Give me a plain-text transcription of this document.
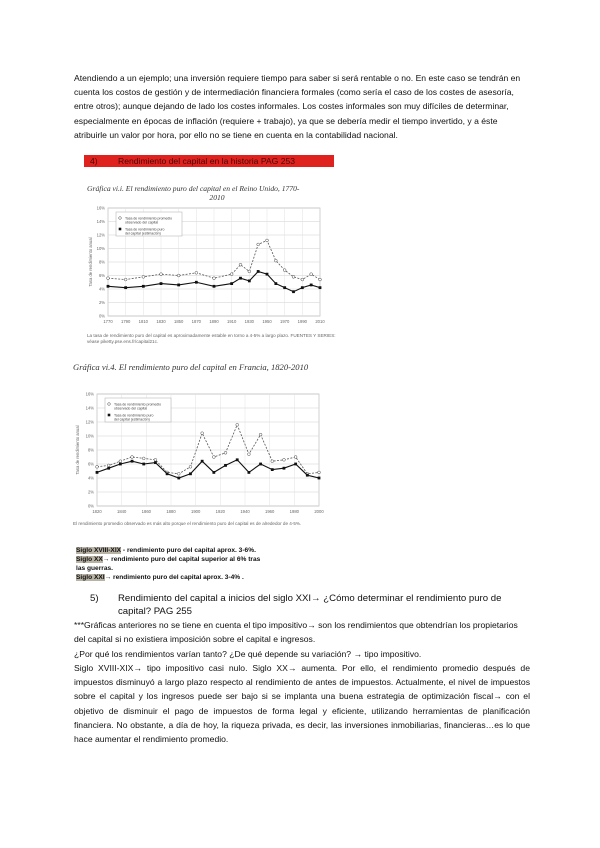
Atendiendo a un ejemplo; una inversión requiere tiempo para saber si será rentable o no. En este caso se tendrán en cuenta los costos de gestión y de intermediación financiera formales (como sería el caso de los costes de asesoría, entre otros); aunque dejando de lado los costes informales. Los costes informales son muy difíciles de determinar, especialmente en épocas de inflación (requiere + trabajo), ya que se debería medir el tiempo invertido, y a éste atribuirle un valor por hora, por ello no se tiene en cuenta en la contabilidad nacional.
4) Rendimiento del capital en la historia PAG 253
Gráfica vi.i. El rendimiento puro del capital en el Reino Unido, 1770-
2010
0%
2%
4%
6%
8%
10%
12%
14%
16%
1770 1790 1810 1830 1850 1870 1890 1910 1930 1950 1970 1990 2010
Tasa de rendimiento anual
Tasa de rendimiento promedio
observado del capital
Tasa de rendimiento puro
del capital (estimación)
La tasa de rendimiento puro del capital es aproximadamente estable en torno a 4-5% a largo plazo. FUENTES Y SERIES: véase piketty.pse.ens.fr/capital21c.
Gráfica vi.4. El rendimiento puro del capital en Francia, 1820-2010
0%
2%
4%
6%
8%
10%
12%
14%
16%
1820	1840	1860	1880	1900	1920	1940	1960	1980	2000
Tasa de rendimiento anual
Tasa de rendimiento promedio
observado del capital
Tasa de rendimiento puro
del capital (estimación)
El rendimiento promedio observado es más alto porque el rendimiento puro del capital es de alrededor de 4-5%.
Siglo XVIII-XIX - rendimiento puro del capital aprox. 3-6%.
Siglo XX→ rendimiento puro del capital superior al 6% tras
las guerras.
Siglo XXI→ rendimiento puro del capital aprox. 3-4% .
5) Rendimiento del capital a inicios del siglo XXI→ ¿Cómo determinar el rendimiento puro de capital? PAG 255
***Gráficas anteriores no se tiene en cuenta el tipo impositivo→ son los rendimientos que obtendrían los propietarios del capital si no existiera imposición sobre el capital e ingresos.
¿Por qué los rendimientos varían tanto? ¿De qué depende su variación? → tipo impositivo.
Siglo XVIII-XIX→ tipo impositivo casi nulo. Siglo XX→ aumenta. Por ello, el rendimiento promedio después de impuestos disminuyó a largo plazo respecto al rendimiento de antes de impuestos. Actualmente, el nivel de impuestos sobre el capital y los ingresos puede ser bajo si se implanta una buena estrategia de optimización fiscal→ con el objetivo de disminuir el pago de impuestos de forma legal y eficiente, utilizando herramientas de planificación financiera. No obstante, a día de hoy, la riqueza privada, es decir, las inversiones inmobiliarias, financieras…es lo que hace aumentar el rendimiento promedio.
